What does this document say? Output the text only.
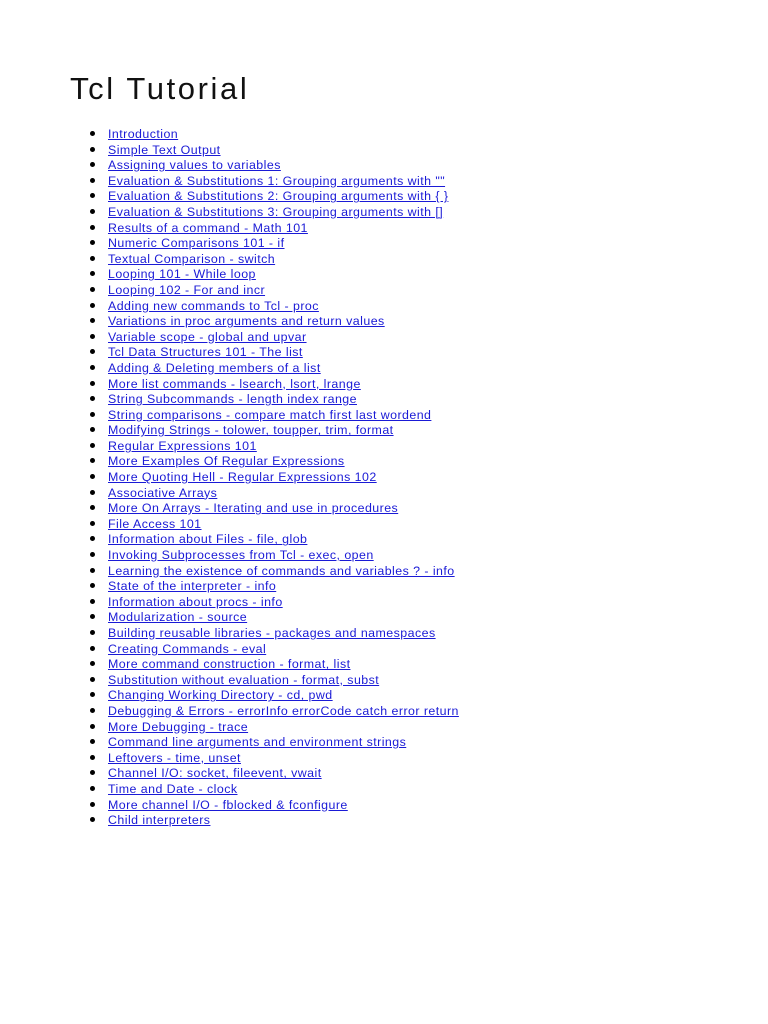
Tcl Tutorial
Introduction
Simple Text Output
Assigning values to variables
Evaluation & Substitutions 1: Grouping arguments with ""
Evaluation & Substitutions 2: Grouping arguments with { }
Evaluation & Substitutions 3: Grouping arguments with []
Results of a command - Math 101
Numeric Comparisons 101 - if
Textual Comparison - switch
Looping 101 - While loop
Looping 102 - For and incr
Adding new commands to Tcl - proc
Variations in proc arguments and return values
Variable scope - global and upvar
Tcl Data Structures 101 - The list
Adding & Deleting members of a list
More list commands - lsearch, lsort, lrange
String Subcommands - length index range
String comparisons - compare match first last wordend
Modifying Strings - tolower, toupper, trim, format
Regular Expressions 101
More Examples Of Regular Expressions
More Quoting Hell - Regular Expressions 102
Associative Arrays
More On Arrays - Iterating and use in procedures
File Access 101
Information about Files - file, glob
Invoking Subprocesses from Tcl - exec, open
Learning the existence of commands and variables ? - info
State of the interpreter - info
Information about procs - info
Modularization - source
Building reusable libraries - packages and namespaces
Creating Commands - eval
More command construction - format, list
Substitution without evaluation - format, subst
Changing Working Directory - cd, pwd
Debugging & Errors - errorInfo errorCode catch error return
More Debugging - trace
Command line arguments and environment strings
Leftovers - time, unset
Channel I/O: socket, fileevent, vwait
Time and Date - clock
More channel I/O - fblocked & fconfigure
Child interpreters
